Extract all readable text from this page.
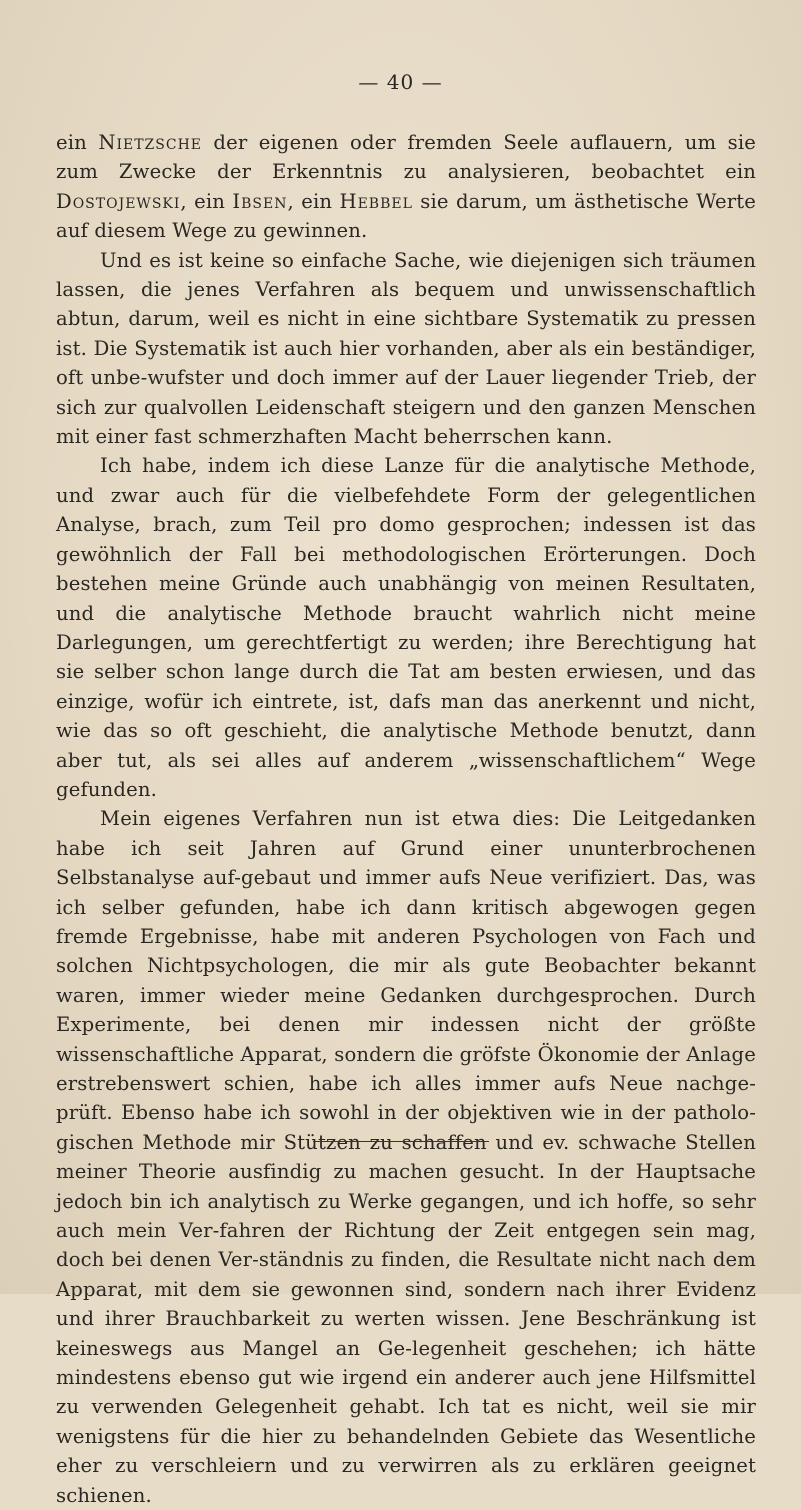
— 40 —

ein Nietzsche der eigenen oder fremden Seele auflauern, um sie zum Zwecke der Erkenntnis zu analysieren, beobachtet ein Dostojewski, ein Ibsen, ein Hebbel sie darum, um ästhetische Werte auf diesem Wege zu gewinnen.

Und es ist keine so einfache Sache, wie diejenigen sich träumen lassen, die jenes Verfahren als bequem und unwissenschaftlich abtun, darum, weil es nicht in eine sichtbare Systematik zu pressen ist. Die Systematik ist auch hier vorhanden, aber als ein beständiger, oft unbe-wufster und doch immer auf der Lauer liegender Trieb, der sich zur qualvollen Leidenschaft steigern und den ganzen Menschen mit einer fast schmerzhaften Macht beherrschen kann.

Ich habe, indem ich diese Lanze für die analytische Methode, und zwar auch für die vielbefehdete Form der gelegentlichen Analyse, brach, zum Teil pro domo gesprochen; indessen ist das gewöhnlich der Fall bei methodologischen Erörterungen. Doch bestehen meine Gründe auch unabhängig von meinen Resultaten, und die analytische Methode braucht wahrlich nicht meine Darlegungen, um gerechtfertigt zu werden; ihre Berechtigung hat sie selber schon lange durch die Tat am besten erwiesen, und das einzige, wofür ich eintrete, ist, dafs man das anerkennt und nicht, wie das so oft geschieht, die analytische Methode benutzt, dann aber tut, als sei alles auf anderem „wissenschaftlichem“ Wege gefunden.

Mein eigenes Verfahren nun ist etwa dies: Die Leitgedanken habe ich seit Jahren auf Grund einer ununterbrochenen Selbstanalyse auf-gebaut und immer aufs Neue verifiziert. Das, was ich selber gefunden, habe ich dann kritisch abgewogen gegen fremde Ergebnisse, habe mit anderen Psychologen von Fach und solchen Nichtpsychologen, die mir als gute Beobachter bekannt waren, immer wieder meine Gedanken durchgesprochen. Durch Experimente, bei denen mir indessen nicht der größte wissenschaftliche Apparat, sondern die gröfste Ökonomie der Anlage erstrebenswert schien, habe ich alles immer aufs Neue nachge-prüft. Ebenso habe ich sowohl in der objektiven wie in der patholo-gischen Methode mir Stützen zu schaffen und ev. schwache Stellen meiner Theorie ausfindig zu machen gesucht. In der Hauptsache jedoch bin ich analytisch zu Werke gegangen, und ich hoffe, so sehr auch mein Ver-fahren der Richtung der Zeit entgegen sein mag, doch bei denen Ver-ständnis zu finden, die Resultate nicht nach dem Apparat, mit dem sie gewonnen sind, sondern nach ihrer Evidenz und ihrer Brauchbarkeit zu werten wissen. Jene Beschränkung ist keineswegs aus Mangel an Ge-legenheit geschehen; ich hätte mindestens ebenso gut wie irgend ein anderer auch jene Hilfsmittel zu verwenden Gelegenheit gehabt. Ich tat es nicht, weil sie mir wenigstens für die hier zu behandelnden Gebiete das Wesentliche eher zu verschleiern und zu verwirren als zu erklären geeignet schienen.
